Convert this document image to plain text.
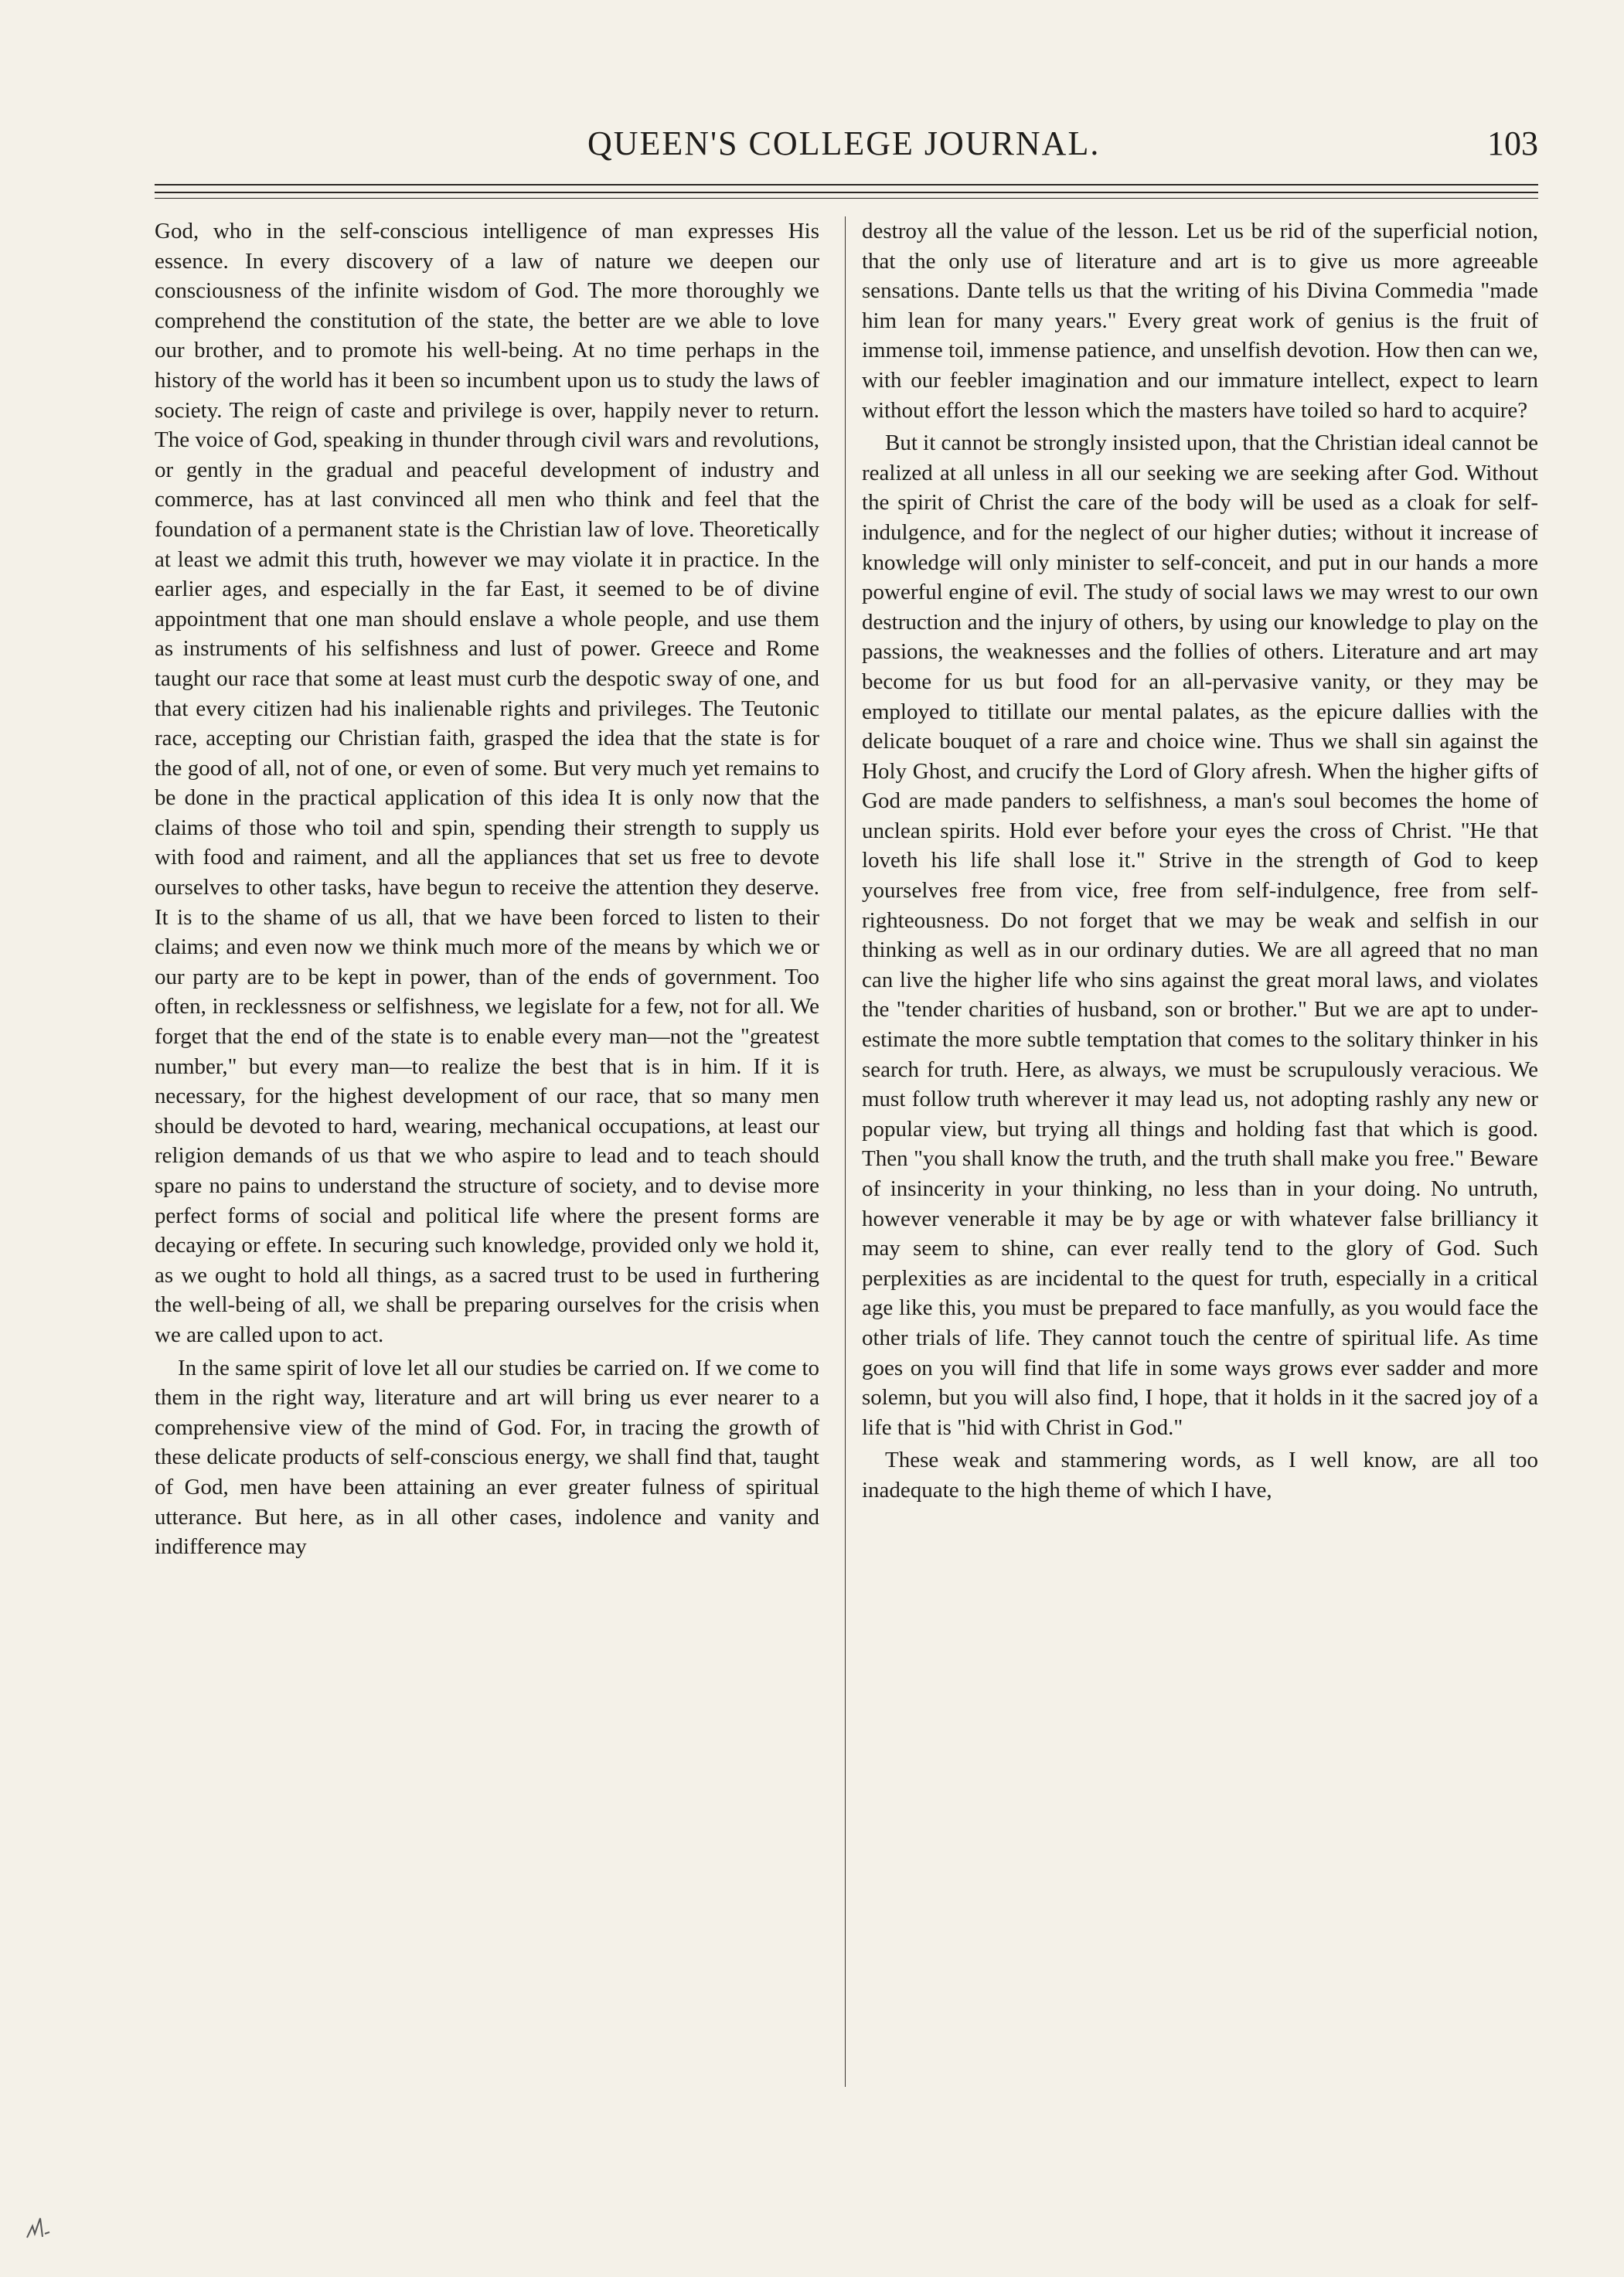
QUEEN'S COLLEGE JOURNAL.	103

God, who in the self-conscious intelligence of man expresses His essence. In every discovery of a law of nature we deepen our consciousness of the infinite wisdom of God. The more thoroughly we comprehend the constitution of the state, the better are we able to love our brother, and to promote his well-being. At no time perhaps in the history of the world has it been so incumbent upon us to study the laws of society. The reign of caste and privilege is over, happily never to return. The voice of God, speaking in thunder through civil wars and revolutions, or gently in the gradual and peaceful development of industry and commerce, has at last convinced all men who think and feel that the foundation of a permanent state is the Christian law of love. Theoretically at least we admit this truth, however we may violate it in practice. In the earlier ages, and especially in the far East, it seemed to be of divine appointment that one man should enslave a whole people, and use them as instruments of his selfishness and lust of power. Greece and Rome taught our race that some at least must curb the despotic sway of one, and that every citizen had his inalienable rights and privileges. The Teutonic race, accepting our Christian faith, grasped the idea that the state is for the good of all, not of one, or even of some. But very much yet remains to be done in the practical application of this idea It is only now that the claims of those who toil and spin, spending their strength to supply us with food and raiment, and all the appliances that set us free to devote ourselves to other tasks, have begun to receive the attention they deserve. It is to the shame of us all, that we have been forced to listen to their claims; and even now we think much more of the means by which we or our party are to be kept in power, than of the ends of government. Too often, in recklessness or selfishness, we legislate for a few, not for all. We forget that the end of the state is to enable every man—not the "greatest number," but every man—to realize the best that is in him. If it is necessary, for the highest development of our race, that so many men should be devoted to hard, wearing, mechanical occupations, at least our religion demands of us that we who aspire to lead and to teach should spare no pains to understand the structure of society, and to devise more perfect forms of social and political life where the present forms are decaying or effete. In securing such knowledge, provided only we hold it, as we ought to hold all things, as a sacred trust to be used in furthering the well-being of all, we shall be preparing ourselves for the crisis when we are called upon to act.

In the same spirit of love let all our studies be carried on. If we come to them in the right way, literature and art will bring us ever nearer to a comprehensive view of the mind of God. For, in tracing the growth of these delicate products of self-conscious energy, we shall find that, taught of God, men have been attaining an ever greater fulness of spiritual utterance. But here, as in all other cases, indolence and vanity and indifference may

destroy all the value of the lesson. Let us be rid of the superficial notion, that the only use of literature and art is to give us more agreeable sensations. Dante tells us that the writing of his Divina Commedia "made him lean for many years." Every great work of genius is the fruit of immense toil, immense patience, and unselfish devotion. How then can we, with our feebler imagination and our immature intellect, expect to learn without effort the lesson which the masters have toiled so hard to acquire?

But it cannot be strongly insisted upon, that the Christian ideal cannot be realized at all unless in all our seeking we are seeking after God. Without the spirit of Christ the care of the body will be used as a cloak for self-indulgence, and for the neglect of our higher duties; without it increase of knowledge will only minister to self-conceit, and put in our hands a more powerful engine of evil. The study of social laws we may wrest to our own destruction and the injury of others, by using our knowledge to play on the passions, the weaknesses and the follies of others. Literature and art may become for us but food for an all-pervasive vanity, or they may be employed to titillate our mental palates, as the epicure dallies with the delicate bouquet of a rare and choice wine. Thus we shall sin against the Holy Ghost, and crucify the Lord of Glory afresh. When the higher gifts of God are made panders to selfishness, a man's soul becomes the home of unclean spirits. Hold ever before your eyes the cross of Christ. "He that loveth his life shall lose it." Strive in the strength of God to keep yourselves free from vice, free from self-indulgence, free from self-righteousness. Do not forget that we may be weak and selfish in our thinking as well as in our ordinary duties. We are all agreed that no man can live the higher life who sins against the great moral laws, and violates the "tender charities of husband, son or brother." But we are apt to under-estimate the more subtle temptation that comes to the solitary thinker in his search for truth. Here, as always, we must be scrupulously veracious. We must follow truth wherever it may lead us, not adopting rashly any new or popular view, but trying all things and holding fast that which is good. Then "you shall know the truth, and the truth shall make you free." Beware of insincerity in your thinking, no less than in your doing. No untruth, however venerable it may be by age or with whatever false brilliancy it may seem to shine, can ever really tend to the glory of God. Such perplexities as are incidental to the quest for truth, especially in a critical age like this, you must be prepared to face manfully, as you would face the other trials of life. They cannot touch the centre of spiritual life. As time goes on you will find that life in some ways grows ever sadder and more solemn, but you will also find, I hope, that it holds in it the sacred joy of a life that is "hid with Christ in God."

These weak and stammering words, as I well know, are all too inadequate to the high theme of which I have,
